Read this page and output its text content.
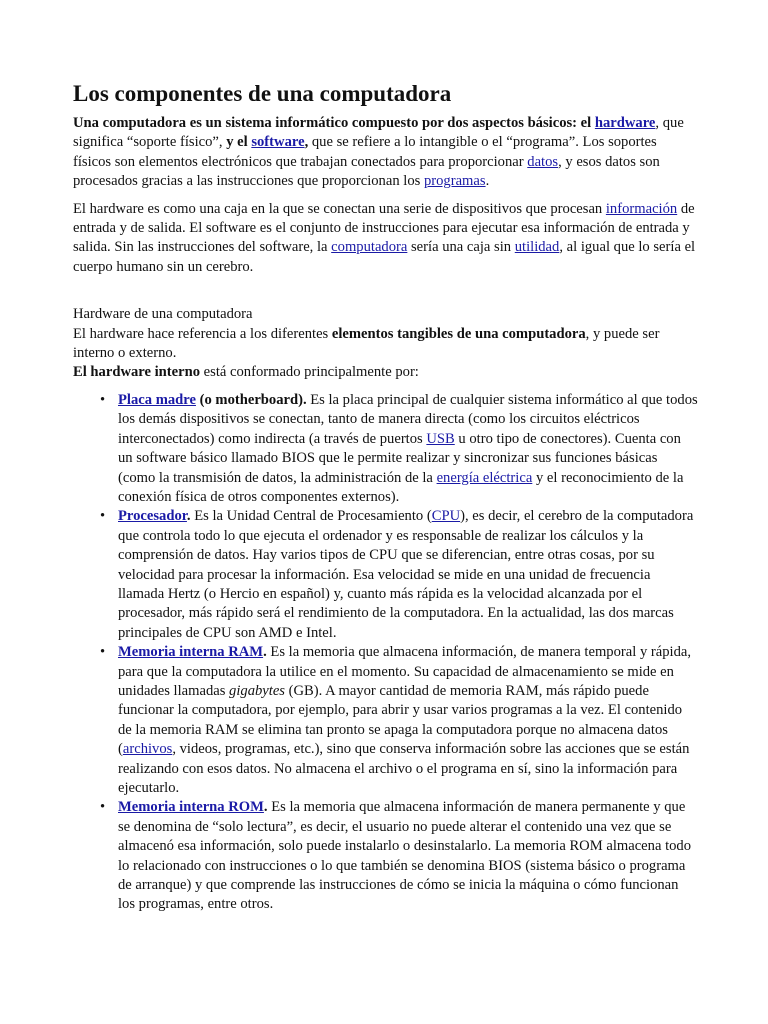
Los componentes de una computadora

Una computadora es un sistema informático compuesto por dos aspectos básicos: el hardware, que significa “soporte físico”, y el software, que se refiere a lo intangible o el “programa”. Los soportes físicos son elementos electrónicos que trabajan conectados para proporcionar datos, y esos datos son procesados gracias a las instrucciones que proporcionan los programas.

El hardware es como una caja en la que se conectan una serie de dispositivos que procesan información de entrada y de salida. El software es el conjunto de instrucciones para ejecutar esa información de entrada y salida. Sin las instrucciones del software, la computadora sería una caja sin utilidad, al igual que lo sería el cuerpo humano sin un cerebro.

Hardware de una computadora

El hardware hace referencia a los diferentes elementos tangibles de una computadora, y puede ser interno o externo.

El hardware interno está conformado principalmente por:

• Placa madre (o motherboard). Es la placa principal de cualquier sistema informático al que todos los demás dispositivos se conectan, tanto de manera directa (como los circuitos eléctricos interconectados) como indirecta (a través de puertos USB u otro tipo de conectores). Cuenta con un software básico llamado BIOS que le permite realizar y sincronizar sus funciones básicas (como la transmisión de datos, la administración de la energía eléctrica y el reconocimiento de la conexión física de otros componentes externos).
• Procesador. Es la Unidad Central de Procesamiento (CPU), es decir, el cerebro de la computadora que controla todo lo que ejecuta el ordenador y es responsable de realizar los cálculos y la comprensión de datos. Hay varios tipos de CPU que se diferencian, entre otras cosas, por su velocidad para procesar la información. Esa velocidad se mide en una unidad de frecuencia llamada Hertz (o Hercio en español) y, cuanto más rápida es la velocidad alcanzada por el procesador, más rápido será el rendimiento de la computadora. En la actualidad, las dos marcas principales de CPU son AMD e Intel.
• Memoria interna RAM. Es la memoria que almacena información, de manera temporal y rápida, para que la computadora la utilice en el momento. Su capacidad de almacenamiento se mide en unidades llamadas gigabytes (GB). A mayor cantidad de memoria RAM, más rápido puede funcionar la computadora, por ejemplo, para abrir y usar varios programas a la vez. El contenido de la memoria RAM se elimina tan pronto se apaga la computadora porque no almacena datos (archivos, videos, programas, etc.), sino que conserva información sobre las acciones que se están realizando con esos datos. No almacena el archivo o el programa en sí, sino la información para ejecutarlo.
• Memoria interna ROM. Es la memoria que almacena información de manera permanente y que se denomina de “solo lectura”, es decir, el usuario no puede alterar el contenido una vez que se almacenó esa información, solo puede instalarlo o desinstalarlo. La memoria ROM almacena todo lo relacionado con instrucciones o lo que también se denomina BIOS (sistema básico o programa de arranque) y que comprende las instrucciones de cómo se inicia la máquina o cómo funcionan los programas, entre otros.
